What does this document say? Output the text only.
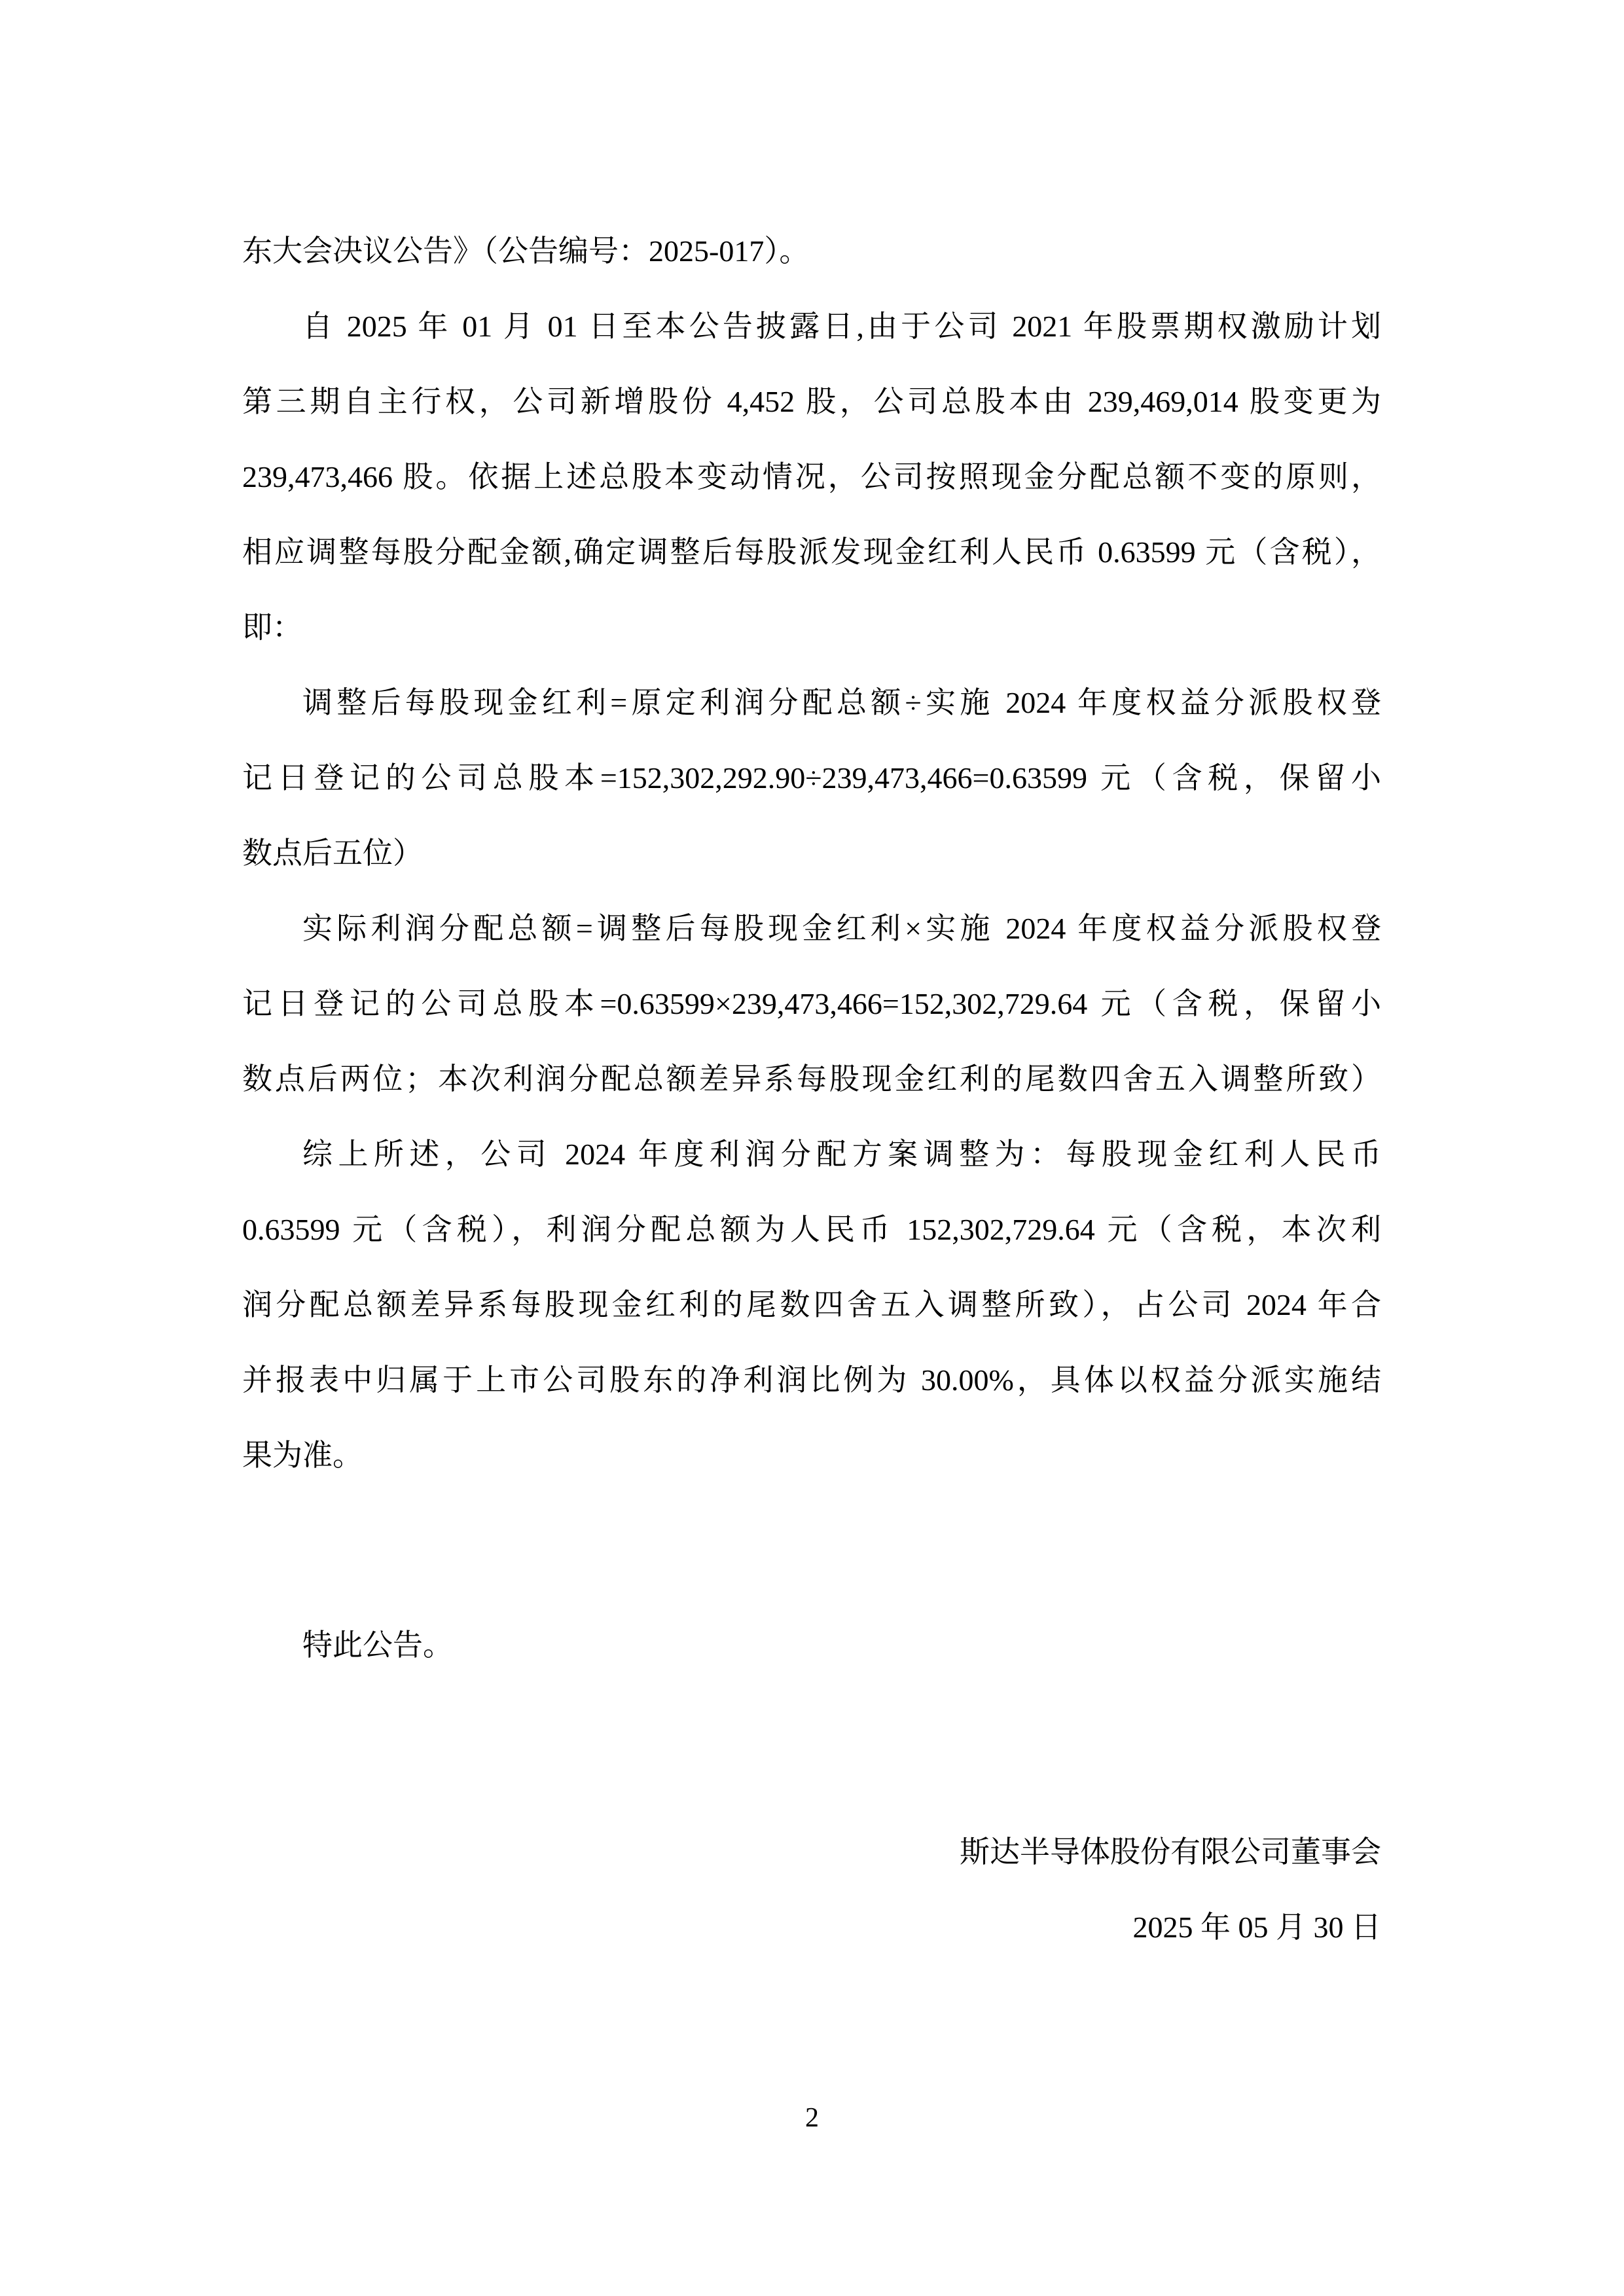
东大会决议公告》（公告编号：2025-017）。
自 2025 年 01 月 01 日至本公告披露日,由于公司 2021 年股票期权激励计划
第三期自主行权，公司新增股份 4,452 股，公司总股本由 239,469,014 股变更为
239,473,466 股。依据上述总股本变动情况，公司按照现金分配总额不变的原则，
相应调整每股分配金额,确定调整后每股派发现金红利人民币 0.63599 元（含税），
即：
调整后每股现金红利=原定利润分配总额÷实施 2024 年度权益分派股权登
记日登记的公司总股本=152,302,292.90÷239,473,466=0.63599 元（含税，保留小
数点后五位）
实际利润分配总额=调整后每股现金红利×实施 2024 年度权益分派股权登
记日登记的公司总股本=0.63599×239,473,466=152,302,729.64 元（含税，保留小
数点后两位；本次利润分配总额差异系每股现金红利的尾数四舍五入调整所致）
综上所述，公司 2024 年度利润分配方案调整为：每股现金红利人民币
0.63599 元（含税），利润分配总额为人民币 152,302,729.64 元（含税，本次利
润分配总额差异系每股现金红利的尾数四舍五入调整所致），占公司 2024 年合
并报表中归属于上市公司股东的净利润比例为 30.00%，具体以权益分派实施结
果为准。
特此公告。
斯达半导体股份有限公司董事会
2025 年 05 月 30 日
2
